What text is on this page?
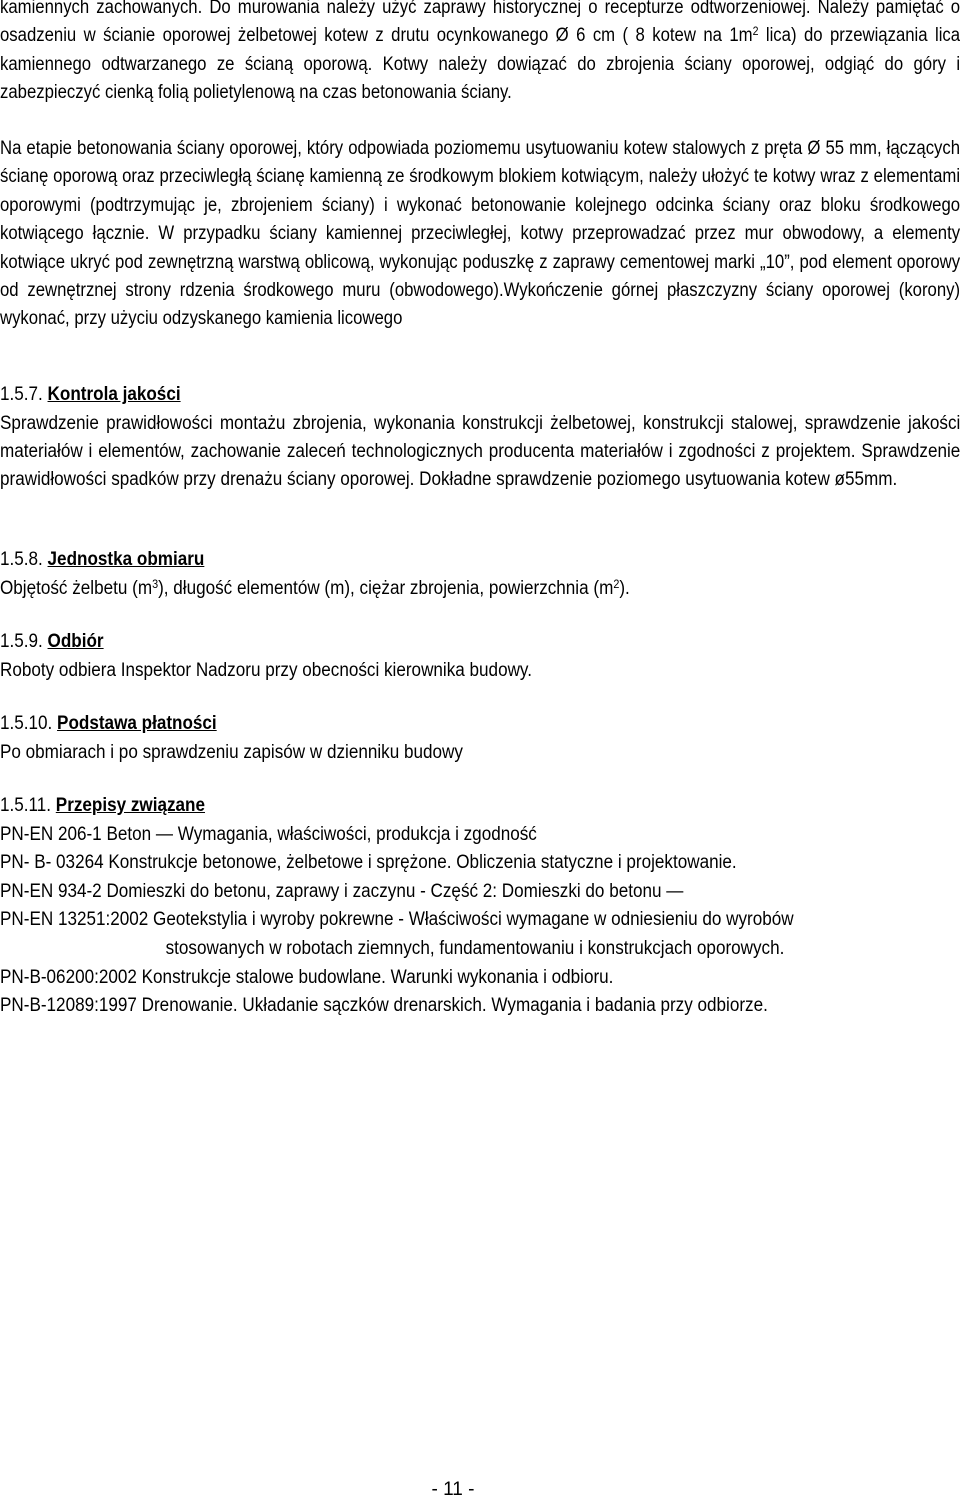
kamiennych zachowanych. Do murowania należy użyć zaprawy historycznej o recepturze odtworzeniowej. Należy pamiętać o osadzeniu w ścianie oporowej żelbetowej kotew z drutu ocynkowanego Ø 6 cm ( 8 kotew na $1m^2$ lica) do przewiązania lica kamiennego odtwarzanego ze ścianą oporową. Kotwy należy dowiązać do zbrojenia ściany oporowej, odgiąć do góry i zabezpieczyć cienką folią polietylenową na czas betonowania ściany.

Na etapie betonowania ściany oporowej, który odpowiada poziomemu usytuowaniu kotew stalowych z pręta Ø 55 mm, łączących ścianę oporową oraz przeciwległą ścianę kamienną ze środkowym blokiem kotwiącym, należy ułożyć te kotwy wraz z elementami oporowymi (podtrzymując je, zbrojeniem ściany) i wykonać betonowanie kolejnego odcinka ściany oraz bloku środkowego kotwiącego łącznie. W przypadku ściany kamiennej przeciwległej, kotwy przeprowadzać przez mur obwodowy, a elementy kotwiące ukryć pod zewnętrzną warstwą oblicową, wykonując poduszkę z zaprawy cementowej marki „10”, pod element oporowy od zewnętrznej strony rdzenia środkowego muru (obwodowego).Wykończenie górnej płaszczyzny ściany oporowej (korony) wykonać, przy użyciu odzyskanego kamienia licowego

1.5.7. Kontrola jakości

Sprawdzenie prawidłowości montażu zbrojenia, wykonania konstrukcji żelbetowej, konstrukcji stalowej, sprawdzenie jakości materiałów i elementów, zachowanie zaleceń technologicznych producenta materiałów i zgodności z projektem. Sprawdzenie prawidłowości spadków przy drenażu ściany oporowej. Dokładne sprawdzenie poziomego usytuowania kotew ø55mm.

1.5.8. Jednostka obmiaru

Objętość żelbetu $(m^3)$, długość elementów (m), ciężar zbrojenia, powierzchnia $(m^2)$.

1.5.9. Odbiór

Roboty odbiera Inspektor Nadzoru przy obecności kierownika budowy.

1.5.10. Podstawa płatności

Po obmiarach i po sprawdzeniu zapisów w dzienniku budowy

1.5.11. Przepisy związane

PN-EN 206-1 Beton — Wymagania, właściwości, produkcja i zgodność

PN- B- 03264 Konstrukcje betonowe, żelbetowe i sprężone. Obliczenia statyczne i projektowanie.

PN-EN 934-2 Domieszki do betonu, zaprawy i zaczynu - Część 2: Domieszki do betonu —

PN-EN 13251:2002 Geotekstylia i wyroby pokrewne - Właściwości wymagane w odniesieniu do wyrobów

stosowanych w robotach ziemnych, fundamentowaniu i konstrukcjach oporowych.

PN-B-06200:2002 Konstrukcje stalowe budowlane. Warunki wykonania i odbioru.

PN-B-12089:1997 Drenowanie. Układanie sączków drenarskich. Wymagania i badania przy odbiorze.

- 11 -
